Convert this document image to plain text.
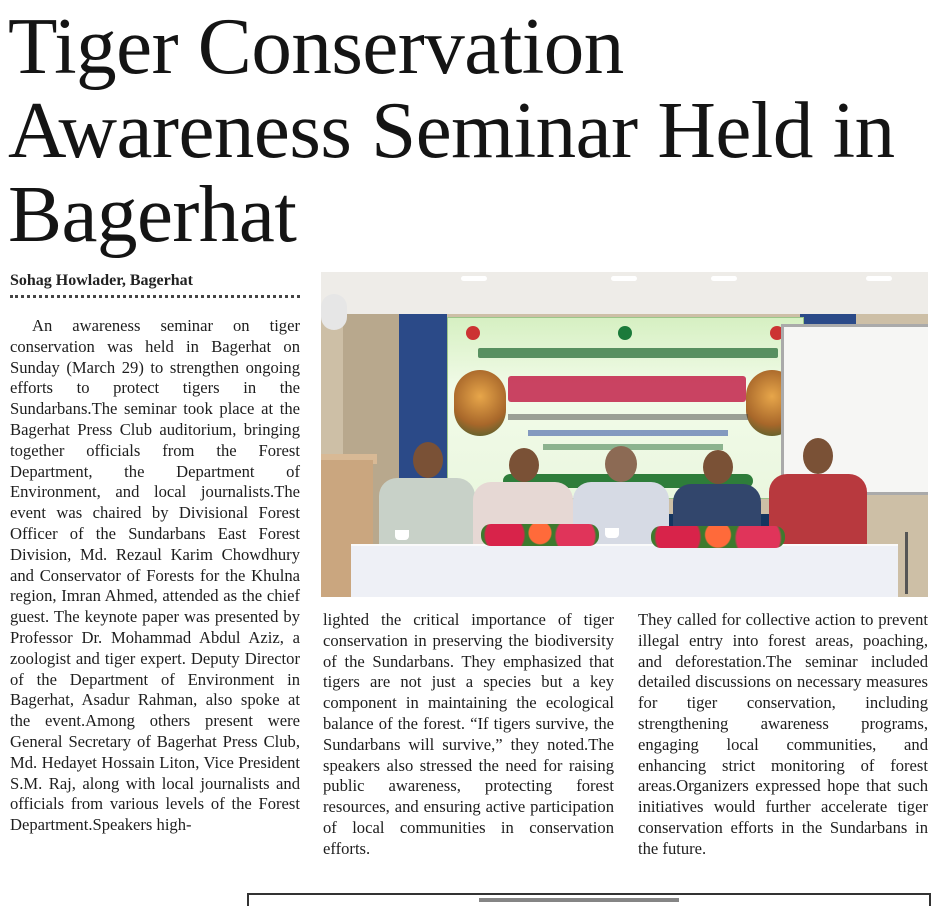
Tiger Conservation Awareness Seminar Held in Bagerhat
Sohag Howlader, Bagerhat
An awareness seminar on tiger conservation was held in Bagerhat on Sunday (March 29) to strengthen ongoing efforts to protect tigers in the Sundarbans.The seminar took place at the Bagerhat Press Club auditorium, bringing together officials from the Forest Department, the Department of Environment, and local journalists.The event was chaired by Divisional Forest Officer of the Sundarbans East Forest Division, Md. Rezaul Karim Chowdhury and Conservator of Forests for the Khulna region, Imran Ahmed, attended as the chief guest. The keynote paper was presented by Professor Dr. Mohammad Abdul Aziz, a zoologist and tiger expert. Deputy Director of the Department of Environment in Bagerhat, Asadur Rahman, also spoke at the event.Among others present were General Secretary of Bagerhat Press Club, Md. Hedayet Hossain Liton, Vice President S.M. Raj, along with local journalists and officials from various levels of the Forest Department.Speakers high-
lighted the critical importance of tiger conservation in preserving the biodiversity of the Sundarbans. They emphasized that tigers are not just a species but a key component in maintaining the ecological balance of the forest. “If tigers survive, the Sundarbans will survive,” they noted.The speakers also stressed the need for raising public awareness, protecting forest resources, and ensuring active participation of local communities in conservation efforts.
They called for collective action to prevent illegal entry into forest areas, poaching, and deforestation.The seminar included detailed discussions on necessary measures for tiger conservation, including strengthening awareness programs, engaging local communities, and enhancing strict monitoring of forest areas.Organizers expressed hope that such initiatives would further accelerate tiger conservation efforts in the Sundarbans in the future.
